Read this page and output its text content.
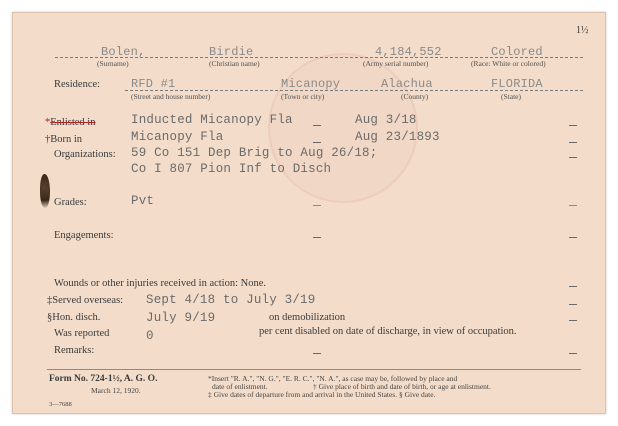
1½
Bolen,	Birdie	4,184,552	Colored
(Surname)	(Christian name)	(Army serial number)	(Race: White or colored)
Residence:	RFD #1	Micanopy	Alachua	FLORIDA
(Street and house number)	(Town or city)	(County)	(State)
*Enlisted in	Inducted Micanopy Fla	Aug 3/18
†Born in	Micanopy Fla	Aug 23/1893
Organizations: 59 Co 151 Dep Brig to Aug 26/18;
Co I 807 Pion Inf to Disch
Grades:	Pvt
Engagements:
Wounds or other injuries received in action: None.
‡Served overseas: Sept 4/18 to July 3/19
§Hon. disch.	July 9/19	on demobilization
Was reported	0	per cent disabled on date of discharge, in view of occupation.
Remarks:
Form No. 724-1½, A. G. O.
March 12, 1920.
3—7688
*Insert "R. A.", "N. G.", "E. R. C.", "N. A.", as case may be, followed by place and
date of enlistment.	† Give place of birth and date of birth, or age at enlistment.
‡ Give dates of departure from and arrival in the United States. § Give date.
